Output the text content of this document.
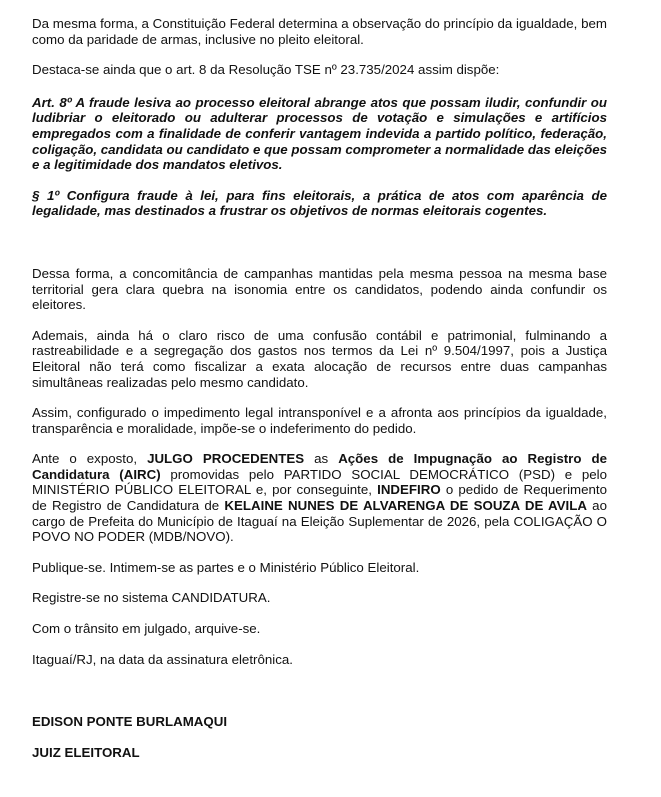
Da mesma forma, a Constituição Federal determina a observação do princípio da igualdade, bem como da paridade de armas, inclusive no pleito eleitoral.

Destaca-se ainda que o art. 8 da Resolução TSE nº 23.735/2024 assim dispõe:

Art. 8º A fraude lesiva ao processo eleitoral abrange atos que possam iludir, confundir ou ludibriar o eleitorado ou adulterar processos de votação e simulações e artifícios empregados com a finalidade de conferir vantagem indevida a partido político, federação, coligação, candidata ou candidato e que possam comprometer a normalidade das eleições e a legitimidade dos mandatos eletivos.

§ 1º Configura fraude à lei, para fins eleitorais, a prática de atos com aparência de legalidade, mas destinados a frustrar os objetivos de normas eleitorais cogentes.

Dessa forma, a concomitância de campanhas mantidas pela mesma pessoa na mesma base territorial gera clara quebra na isonomia entre os candidatos, podendo ainda confundir os eleitores.

Ademais, ainda há o claro risco de uma confusão contábil e patrimonial, fulminando a rastreabilidade e a segregação dos gastos nos termos da Lei nº 9.504/1997, pois a Justiça Eleitoral não terá como fiscalizar a exata alocação de recursos entre duas campanhas simultâneas realizadas pelo mesmo candidato.

Assim, configurado o impedimento legal intransponível e a afronta aos princípios da igualdade, transparência e moralidade, impõe-se o indeferimento do pedido.

Ante o exposto, JULGO PROCEDENTES as Ações de Impugnação ao Registro de Candidatura (AIRC) promovidas pelo PARTIDO SOCIAL DEMOCRÁTICO (PSD) e pelo MINISTÉRIO PÚBLICO ELEITORAL e, por conseguinte, INDEFIRO o pedido de Requerimento de Registro de Candidatura de KELAINE NUNES DE ALVARENGA DE SOUZA DE AVILA ao cargo de Prefeita do Município de Itaguaí na Eleição Suplementar de 2026, pela COLIGAÇÃO O POVO NO PODER (MDB/NOVO).

Publique-se. Intimem-se as partes e o Ministério Público Eleitoral.

Registre-se no sistema CANDIDATURA.

Com o trânsito em julgado, arquive-se.

Itaguaí/RJ, na data da assinatura eletrônica.

EDISON PONTE BURLAMAQUI

JUIZ ELEITORAL
